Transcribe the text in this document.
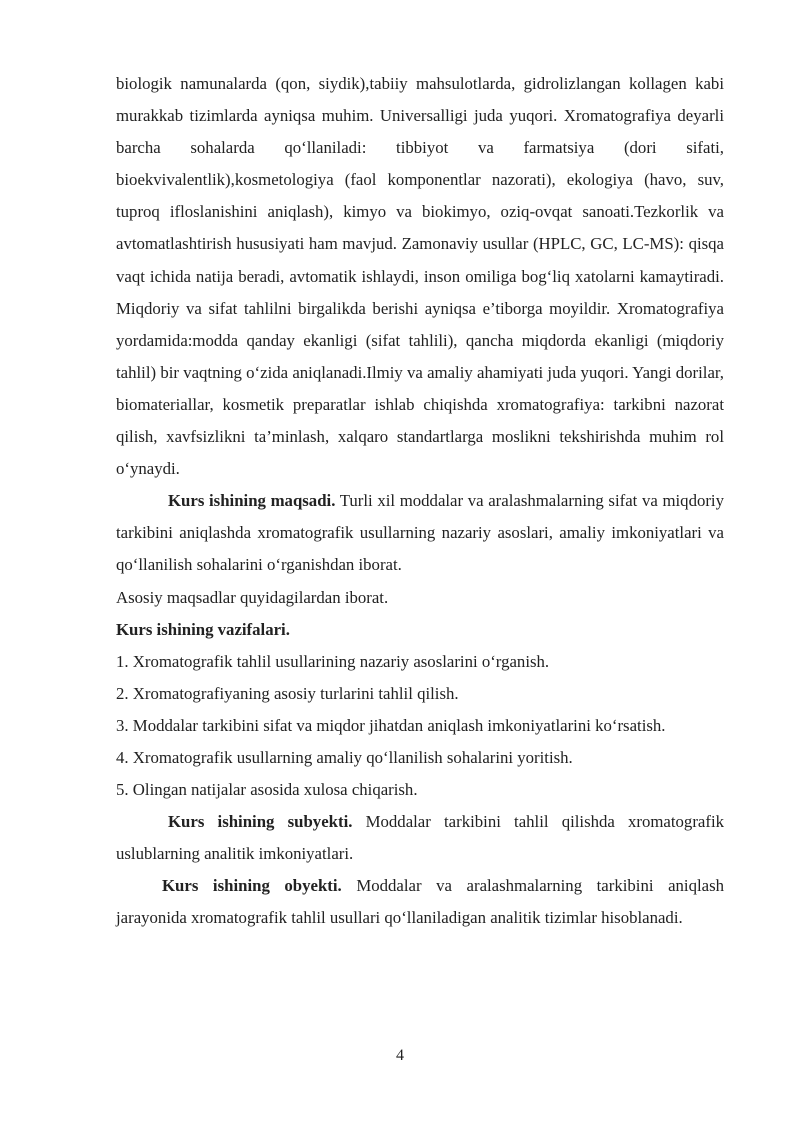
biologik namunalarda (qon, siydik),tabiiy mahsulotlarda, gidrolizlangan kollagen kabi murakkab tizimlarda ayniqsa muhim. Universalligi juda yuqori. Xromatografiya deyarli barcha sohalarda qo‘llaniladi: tibbiyot va farmatsiya (dori sifati, bioekvivalentlik),kosmetologiya (faol komponentlar nazorati), ekologiya (havo, suv, tuproq ifloslanishini aniqlash), kimyo va biokimyo, oziq-ovqat sanoati.Tezkorlik va avtomatlashtirish hususiyati ham mavjud. Zamonaviy usullar (HPLC, GC, LC-MS): qisqa vaqt ichida natija beradi, avtomatik ishlaydi, inson omiliga bog‘liq xatolarni kamaytiradi. Miqdoriy va sifat tahlilni birgalikda berishi ayniqsa e’tiborga moyildir. Xromatografiya yordamida:modda qanday ekanligi (sifat tahlili), qancha miqdorda ekanligi (miqdoriy tahlil) bir vaqtning o‘zida aniqlanadi.Ilmiy va amaliy ahamiyati juda yuqori. Yangi dorilar, biomateriallar, kosmetik preparatlar ishlab chiqishda xromatografiya: tarkibni nazorat qilish, xavfsizlikni ta’minlash, xalqaro standartlarga moslikni tekshirishda muhim rol o‘ynaydi.

Kurs ishining maqsadi. Turli xil moddalar va aralashmalarning sifat va miqdoriy tarkibini aniqlashda xromatografik usullarning nazariy asoslari, amaliy imkoniyatlari va qo‘llanilish sohalarini o‘rganishdan iborat.

Asosiy maqsadlar quyidagilardan iborat.

Kurs ishining vazifalari.

1. Xromatografik tahlil usullarining nazariy asoslarini o‘rganish.

2. Xromatografiyaning asosiy turlarini tahlil qilish.

3. Moddalar tarkibini sifat va miqdor jihatdan aniqlash imkoniyatlarini ko‘rsatish.

4. Xromatografik usullarning amaliy qo‘llanilish sohalarini yoritish.

5. Olingan natijalar asosida xulosa chiqarish.

Kurs ishining subyekti. Moddalar tarkibini tahlil qilishda xromatografik uslublarning analitik imkoniyatlari.

Kurs ishining obyekti. Moddalar va aralashmalarning tarkibini aniqlash jarayonida xromatografik tahlil usullari qo‘llaniladigan analitik tizimlar hisoblanadi.

4
